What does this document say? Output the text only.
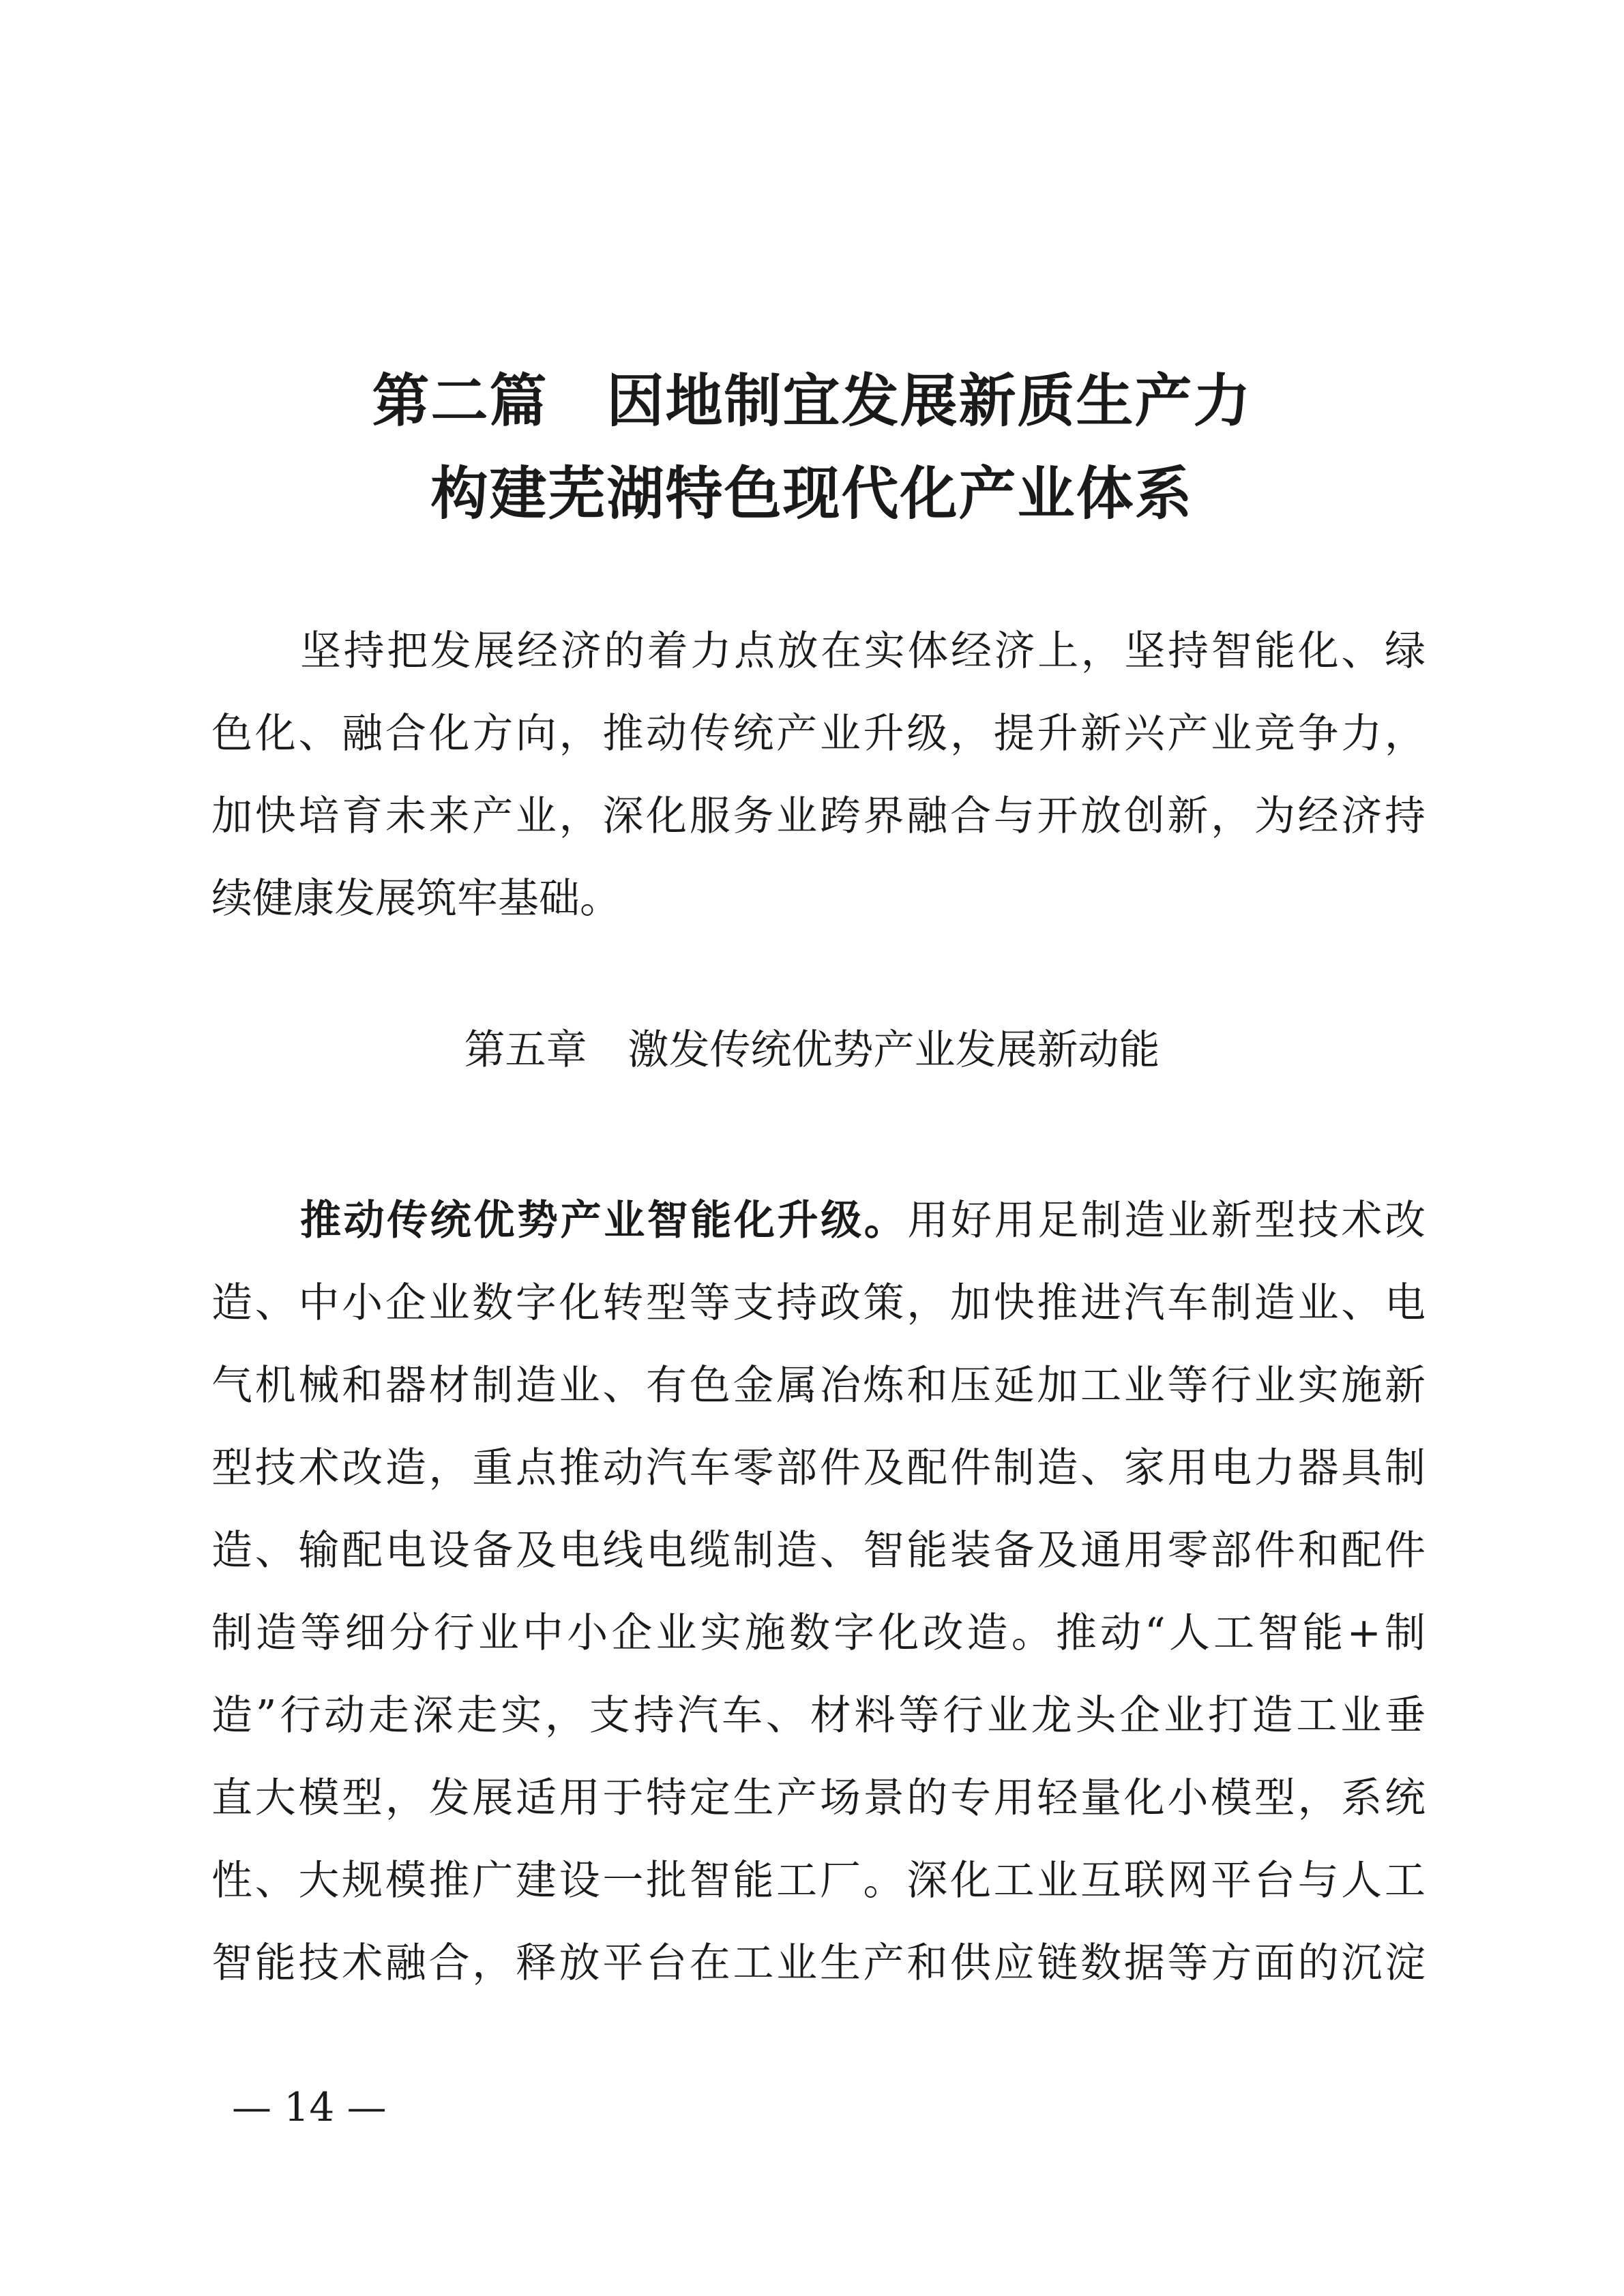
第二篇　因地制宜发展新质生产力
构建芜湖特色现代化产业体系
坚持把发展经济的着力点放在实体经济上，坚持智能化、绿
色化、融合化方向，推动传统产业升级，提升新兴产业竞争力，
加快培育未来产业，深化服务业跨界融合与开放创新，为经济持
续健康发展筑牢基础。
第五章　激发传统优势产业发展新动能
推动传统优势产业智能化升级。用好用足制造业新型技术改
造、中小企业数字化转型等支持政策，加快推进汽车制造业、电
气机械和器材制造业、有色金属冶炼和压延加工业等行业实施新
型技术改造，重点推动汽车零部件及配件制造、家用电力器具制
造、输配电设备及电线电缆制造、智能装备及通用零部件和配件
制造等细分行业中小企业实施数字化改造。推动“人工智能+制
造”行动走深走实，支持汽车、材料等行业龙头企业打造工业垂
直大模型，发展适用于特定生产场景的专用轻量化小模型，系统
性、大规模推广建设一批智能工厂。深化工业互联网平台与人工
智能技术融合，释放平台在工业生产和供应链数据等方面的沉淀
— 14 —
